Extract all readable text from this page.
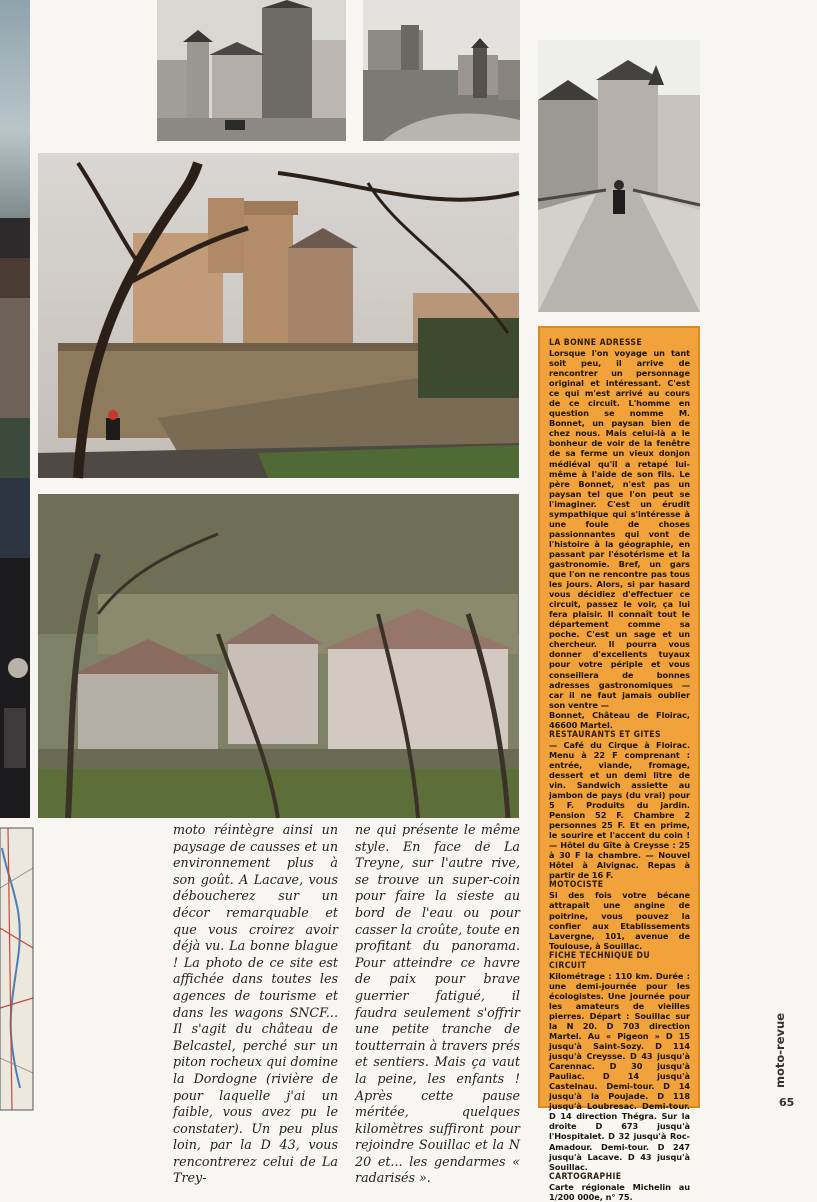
moto réintègre ainsi un paysage de causses et un environnement plus à son goût. A Lacave, vous déboucherez sur un décor remarquable et que vous croirez avoir déjà vu. La bonne blague ! La photo de ce site est affichée dans toutes les agences de tourisme et dans les wagons SNCF... Il s'agit du château de Belcastel, perché sur un piton rocheux qui domine la Dordogne (rivière de pour laquelle j'ai un faible, vous avez pu le constater). Un peu plus loin, par la D 43, vous rencontrerez celui de La Trey-

ne qui présente le même style. En face de La Treyne, sur l'autre rive, se trouve un super-coin pour faire la sieste au bord de l'eau ou pour casser la croûte, toute en profitant du panorama. Pour atteindre ce havre de paix pour brave guerrier fatigué, il faudra seulement s'offrir une petite tranche de toutterrain à travers prés et sentiers. Mais ça vaut la peine, les enfants ! Après cette pause méritée, quelques kilomètres suffiront pour rejoindre Souillac et la N 20 et... les gendarmes « radarisés ».

LA BONNE ADRESSE

Lorsque l'on voyage un tant soit peu, il arrive de rencontrer un personnage original et intéressant. C'est ce qui m'est arrivé au cours de ce circuit. L'homme en question se nomme M. Bonnet, un paysan bien de chez nous. Mais celui-là a le bonheur de voir de la fenêtre de sa ferme un vieux donjon médiéval qu'il a retapé lui-même à l'aide de son fils. Le père Bonnet, n'est pas un paysan tel que l'on peut se l'imaginer. C'est un érudit sympathique qui s'intéresse à une foule de choses passionnantes qui vont de l'histoire à la géographie, en passant par l'ésotérisme et la gastronomie. Bref, un gars que l'on ne rencontre pas tous les jours. Alors, si par hasard vous décidiez d'effectuer ce circuit, passez le voir, ça lui fera plaisir. Il connaît tout le département comme sa poche. C'est un sage et un chercheur. Il pourra vous donner d'excellents tuyaux pour votre périple et vous conseillera de bonnes adresses gastronomiques — car il ne faut jamais oublier son ventre —

Bonnet, Château de Floirac, 46600 Martel.

RESTAURANTS ET GITES

— Café du Cirque à Floirac. Menu à 22 F comprenant : entrée, viande, fromage, dessert et un demi litre de vin. Sandwich assiette au jambon de pays (du vrai) pour 5 F. Produits du jardin. Pension 52 F. Chambre 2 personnes 25 F. Et en prime, le sourire et l'accent du coin ! — Hôtel du Gîte à Creysse : 25 à 30 F la chambre. — Nouvel Hôtel à Alvignac. Repas à partir de 16 F.

MOTOCISTE

Si des fois votre bécane attrapait une angine de poitrine, vous pouvez la confier aux Etablissements Lavergne, 101, avenue de Toulouse, à Souillac.

FICHE TECHNIQUE DU CIRCUIT

Kilométrage : 110 km. Durée : une demi-journée pour les écologistes. Une journée pour les amateurs de vieilles pierres. Départ : Souillac sur la N 20. D 703 direction Martel. Au « Pigeon » D 15 jusqu'à Saint-Sozy. D 114 jusqu'à Creysse. D 43 jusqu'à Carennac. D 30 jusqu'à Pauliac. D 14 jusqu'à Castelnau. Demi-tour. D 14 jusqu'à la Poujade. D 118 jusqu'à Loubresac. Demi-tour. D 14 direction Thégra. Sur la droite D 673 jusqu'à l'Hospitalet. D 32 jusqu'à Roc-Amadour. Demi-tour. D 247 jusqu'à Lacave. D 43 jusqu'à Souillac.

CARTOGRAPHIE

Carte régionale Michelin au 1/200 000e, n° 75.

moto-revue
65
